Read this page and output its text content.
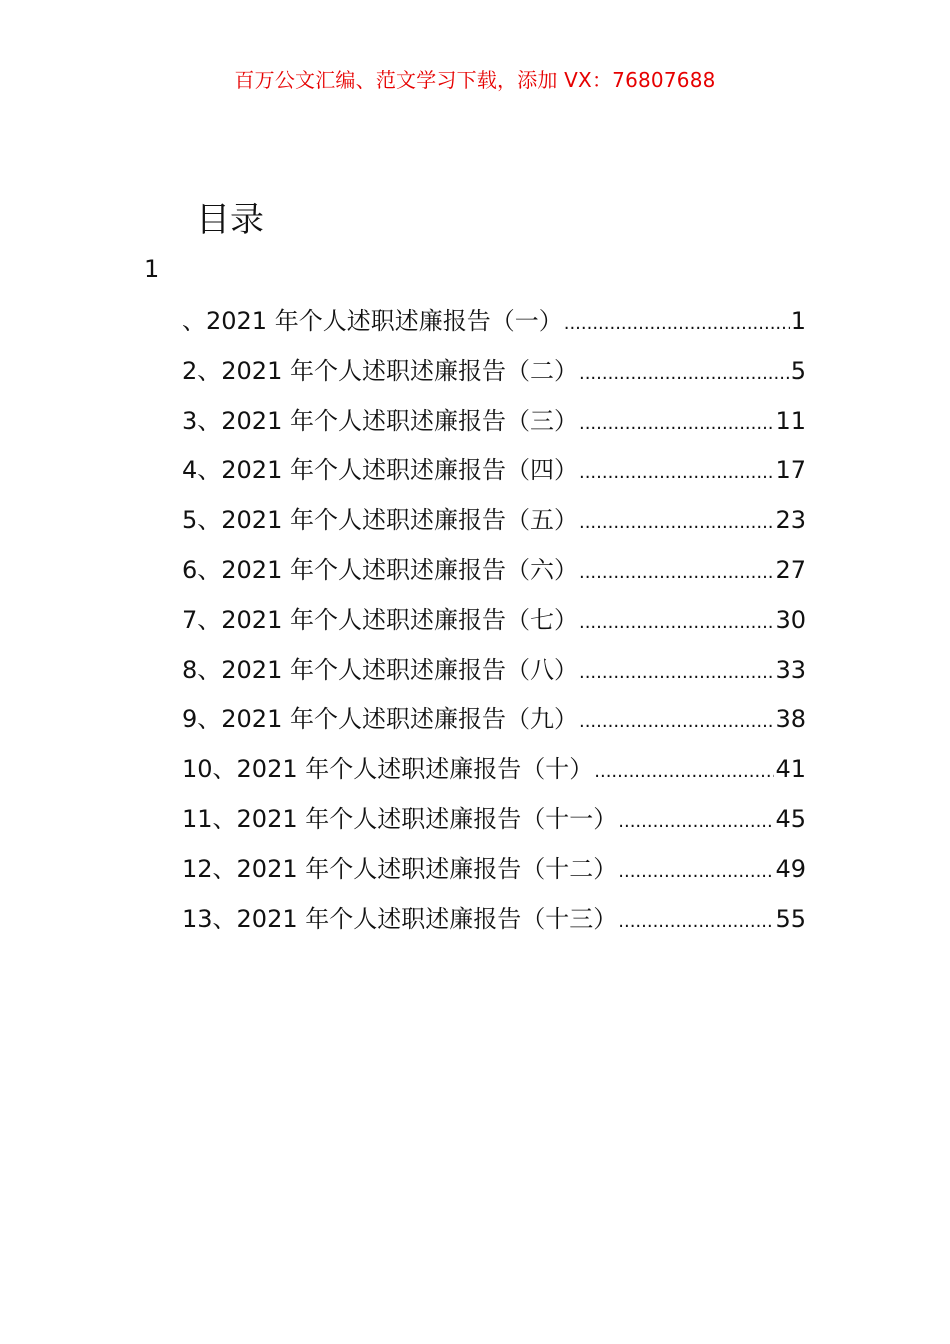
百万公文汇编、范文学习下载，添加 VX：76807688
目录
1
、2021 年个人述职述廉报告（一） .....	1
2、2021 年个人述职述廉报告（二） .....	5
3、2021 年个人述职述廉报告（三） .....	11
4、2021 年个人述职述廉报告（四） .....	17
5、2021 年个人述职述廉报告（五） .....	23
6、2021 年个人述职述廉报告（六） .....	27
7、2021 年个人述职述廉报告（七） .....	30
8、2021 年个人述职述廉报告（八） .....	33
9、2021 年个人述职述廉报告（九） .....	38
10、2021 年个人述职述廉报告（十） .....	41
11、2021 年个人述职述廉报告（十一） .....	45
12、2021 年个人述职述廉报告（十二） .....	49
13、2021 年个人述职述廉报告（十三） .....	55
